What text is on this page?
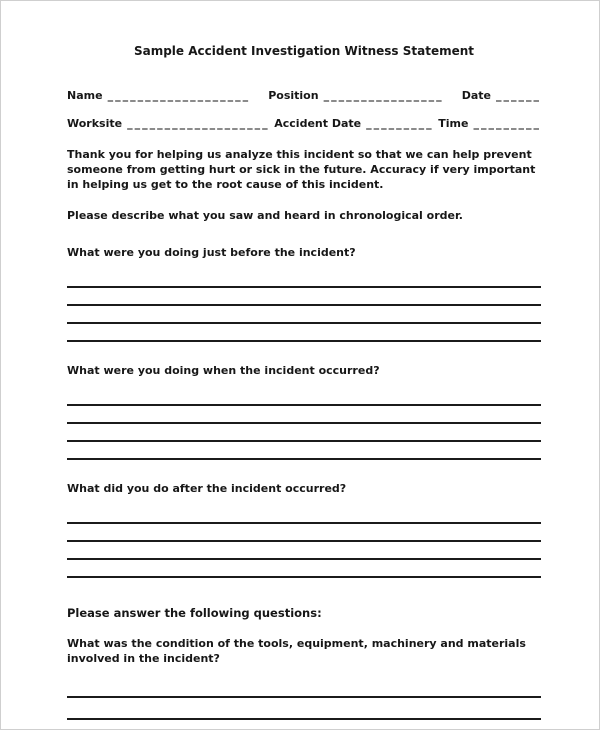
Sample Accident Investigation Witness Statement
Name ___________________ Position ________________ Date ______
Worksite ___________________ Accident Date _________ Time _________

Thank you for helping us analyze this incident so that we can help prevent someone from getting hurt or sick in the future. Accuracy if very important in helping us get to the root cause of this incident.

Please describe what you saw and heard in chronological order.

What were you doing just before the incident?
What were you doing when the incident occurred?
What did you do after the incident occurred?
Please answer the following questions:
What was the condition of the tools, equipment, machinery and materials involved in the incident?
